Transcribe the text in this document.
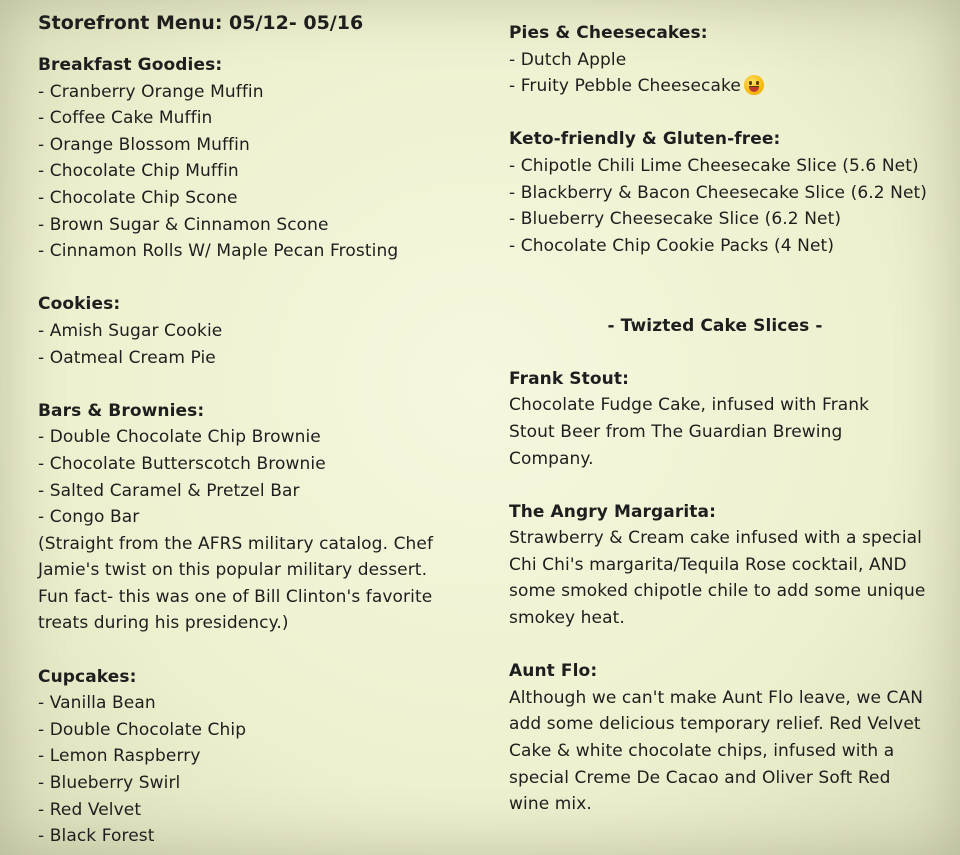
Storefront Menu: 05/12- 05/16
Breakfast Goodies:
- Cranberry Orange Muffin
- Coffee Cake Muffin
- Orange Blossom Muffin
- Chocolate Chip Muffin
- Chocolate Chip Scone
- Brown Sugar & Cinnamon Scone
- Cinnamon Rolls W/ Maple Pecan Frosting
Cookies:
- Amish Sugar Cookie
- Oatmeal Cream Pie
Bars & Brownies:
- Double Chocolate Chip Brownie
- Chocolate Butterscotch Brownie
- Salted Caramel & Pretzel Bar
- Congo Bar
(Straight from the AFRS military catalog. Chef
Jamie's twist on this popular military dessert.
Fun fact- this was one of Bill Clinton's favorite
treats during his presidency.)
Cupcakes:
- Vanilla Bean
- Double Chocolate Chip
- Lemon Raspberry
- Blueberry Swirl
- Red Velvet
- Black Forest
Pies & Cheesecakes:
- Dutch Apple
- Fruity Pebble Cheesecake
Keto-friendly & Gluten-free:
- Chipotle Chili Lime Cheesecake Slice (5.6 Net)
- Blackberry & Bacon Cheesecake Slice (6.2 Net)
- Blueberry Cheesecake Slice (6.2 Net)
- Chocolate Chip Cookie Packs (4 Net)
- Twizted Cake Slices -
Frank Stout:
Chocolate Fudge Cake, infused with Frank
Stout Beer from The Guardian Brewing
Company.
The Angry Margarita:
Strawberry & Cream cake infused with a special
Chi Chi's margarita/Tequila Rose cocktail, AND
some smoked chipotle chile to add some unique
smokey heat.
Aunt Flo:
Although we can't make Aunt Flo leave, we CAN
add some delicious temporary relief. Red Velvet
Cake & white chocolate chips, infused with a
special Creme De Cacao and Oliver Soft Red
wine mix.
